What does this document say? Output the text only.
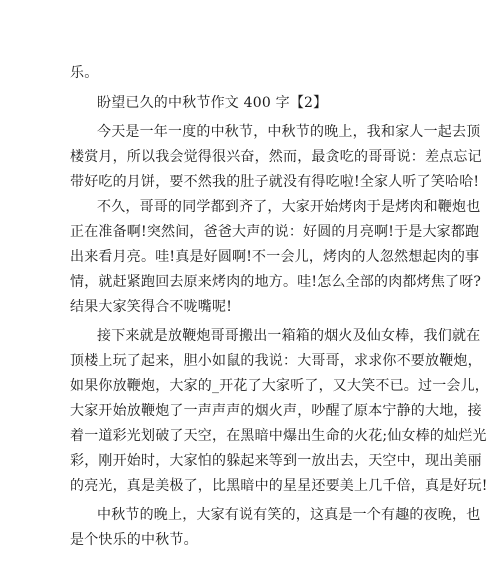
乐。
盼望已久的中秋节作文 400 字【2】
今天是一年一度的中秋节，中秋节的晚上，我和家人一起去顶
楼赏月，所以我会觉得很兴奋，然而，最贪吃的哥哥说：差点忘记
带好吃的月饼，要不然我的肚子就没有得吃啦!全家人听了笑哈哈!
不久，哥哥的同学都到齐了，大家开始烤肉于是烤肉和鞭炮也
正在准备啊!突然间，爸爸大声的说：好圆的月亮啊!于是大家都跑
出来看月亮。哇!真是好圆啊!不一会儿，烤肉的人忽然想起肉的事
情，就赶紧跑回去原来烤肉的地方。哇!怎么全部的肉都烤焦了呀?
结果大家笑得合不咙嘴呢!
接下来就是放鞭炮哥哥搬出一箱箱的烟火及仙女棒，我们就在
顶楼上玩了起来，胆小如鼠的我说：大哥哥，求求你不要放鞭炮，
如果你放鞭炮，大家的_开花了大家听了，又大笑不已。过一会儿，
大家开始放鞭炮了一声声声的烟火声，吵醒了原本宁静的大地，接
着一道彩光划破了天空，在黑暗中爆出生命的火花;仙女棒的灿烂光
彩，刚开始时，大家怕的躲起来等到一放出去，天空中，现出美丽
的亮光，真是美极了，比黑暗中的星星还要美上几千倍，真是好玩!
中秋节的晚上，大家有说有笑的，这真是一个有趣的夜晚，也
是个快乐的中秋节。
